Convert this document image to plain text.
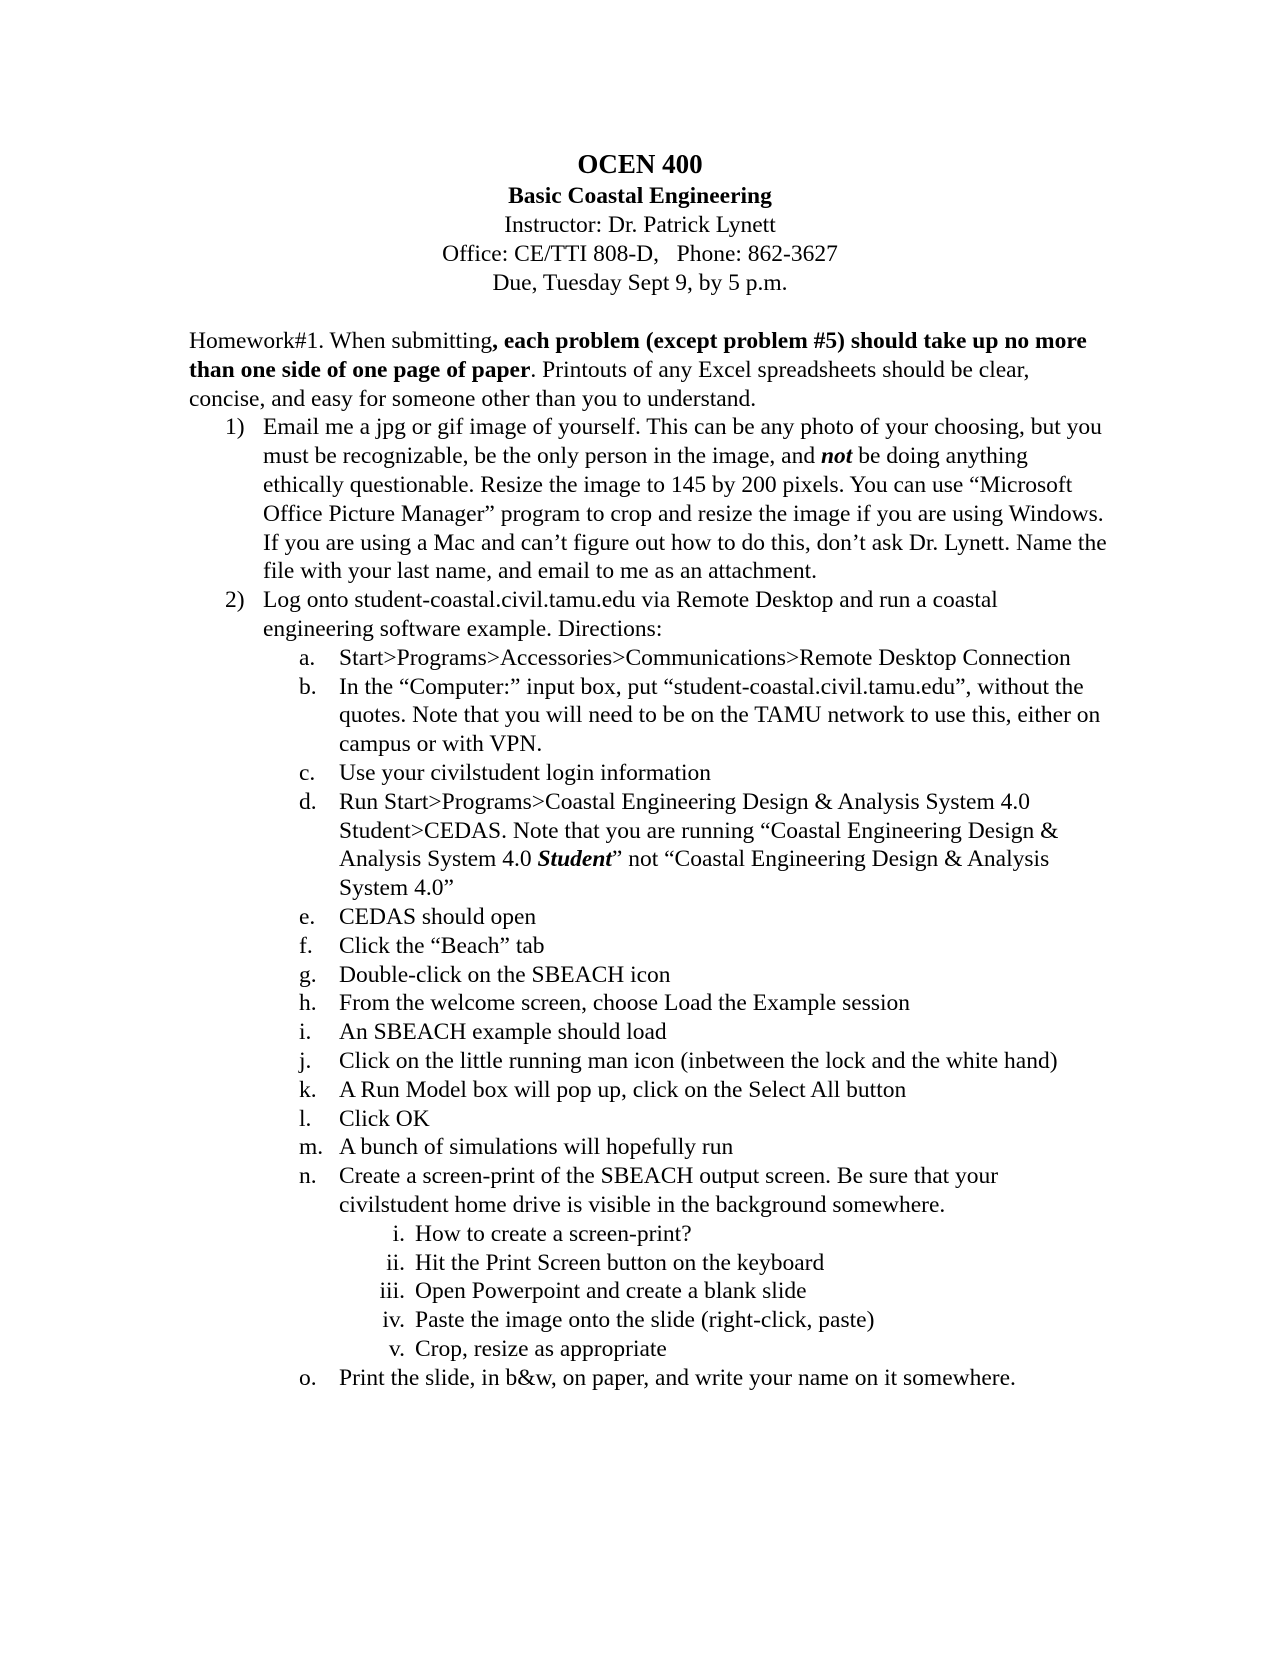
OCEN 400
Basic Coastal Engineering
Instructor: Dr. Patrick Lynett
Office: CE/TTI 808-D,   Phone: 862-3627
Due, Tuesday Sept 9, by 5 p.m.

Homework#1. When submitting, each problem (except problem #5) should take up no more than one side of one page of paper. Printouts of any Excel spreadsheets should be clear, concise, and easy for someone other than you to understand.

1) Email me a jpg or gif image of yourself. This can be any photo of your choosing, but you must be recognizable, be the only person in the image, and not be doing anything ethically questionable. Resize the image to 145 by 200 pixels. You can use “Microsoft Office Picture Manager” program to crop and resize the image if you are using Windows. If you are using a Mac and can’t figure out how to do this, don’t ask Dr. Lynett. Name the file with your last name, and email to me as an attachment.
2) Log onto student-coastal.civil.tamu.edu via Remote Desktop and run a coastal engineering software example. Directions:
a. Start>Programs>Accessories>Communications>Remote Desktop Connection
b. In the “Computer:” input box, put “student-coastal.civil.tamu.edu”, without the quotes. Note that you will need to be on the TAMU network to use this, either on campus or with VPN.
c. Use your civilstudent login information
d. Run Start>Programs>Coastal Engineering Design & Analysis System 4.0 Student>CEDAS. Note that you are running “Coastal Engineering Design & Analysis System 4.0 Student” not “Coastal Engineering Design & Analysis System 4.0”
e. CEDAS should open
f. Click the “Beach” tab
g. Double-click on the SBEACH icon
h. From the welcome screen, choose Load the Example session
i. An SBEACH example should load
j. Click on the little running man icon (inbetween the lock and the white hand)
k. A Run Model box will pop up, click on the Select All button
l. Click OK
m. A bunch of simulations will hopefully run
n. Create a screen-print of the SBEACH output screen. Be sure that your civilstudent home drive is visible in the background somewhere.
i. How to create a screen-print?
ii. Hit the Print Screen button on the keyboard
iii. Open Powerpoint and create a blank slide
iv. Paste the image onto the slide (right-click, paste)
v. Crop, resize as appropriate
o. Print the slide, in b&w, on paper, and write your name on it somewhere.
